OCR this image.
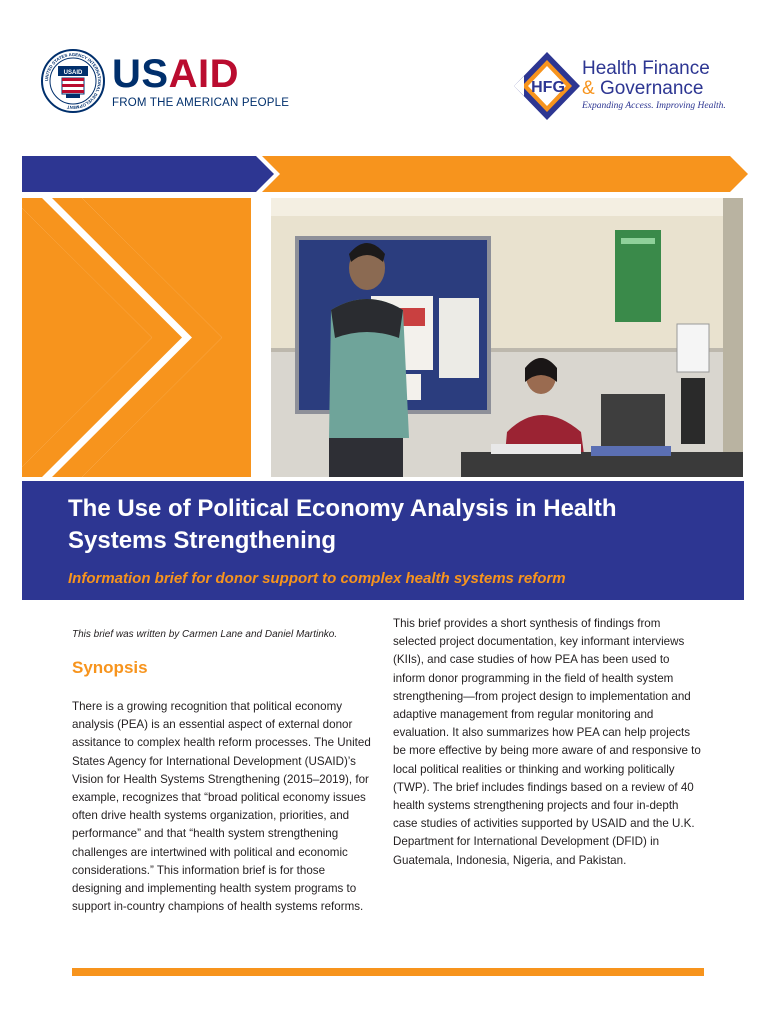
UNITED STATES AGENCY INTERNATIONAL DEVELOPMENT
USAID USAID
FROM THE AMERICAN PEOPLE
HFG
Health Finance
& Governance
Expanding Access. Improving Health.
The Use of Political Economy Analysis in Health Systems Strengthening
Information brief for donor support to complex health systems reform
This brief was written by Carmen Lane and Daniel Martinko.
Synopsis

There is a growing recognition that political economy analysis (PEA) is an essential aspect of external donor assitance to complex health reform processes. The United States Agency for International Development (USAID)’s Vision for Health Systems Strengthening (2015–2019), for example, recognizes that “broad political economy issues often drive health systems organization, priorities, and performance” and that “health system strengthening challenges are intertwined with political and economic considerations.” This information brief is for those designing and implementing health system programs to support in-country champions of health systems reforms.

This brief provides a short synthesis of findings from selected project documentation, key informant interviews (KIIs), and case studies of how PEA has been used to inform donor programming in the field of health system strengthening—from project design to implementation and adaptive management from regular monitoring and evaluation. It also summarizes how PEA can help projects be more effective by being more aware of and responsive to local political realities or thinking and working politically (TWP). The brief includes findings based on a review of 40 health systems strengthening projects and four in-depth case studies of activities supported by USAID and the U.K. Department for International Development (DFID) in Guatemala, Indonesia, Nigeria, and Pakistan.
